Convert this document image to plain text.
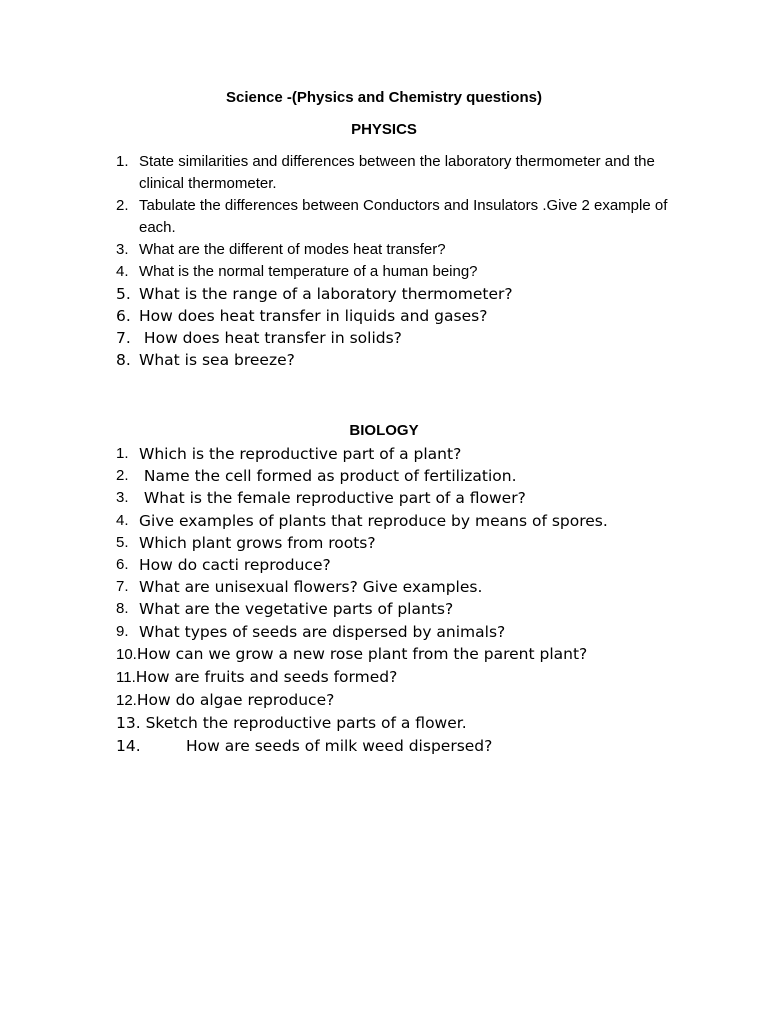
Science -(Physics and Chemistry questions)
PHYSICS
1. State similarities and differences between the laboratory thermometer and the clinical thermometer.
2. Tabulate the differences between Conductors and Insulators .Give 2 example of each.
3. What are the different of modes heat transfer?
4. What is the normal temperature of a human being?
5. What is the range of a laboratory thermometer?
6. How does heat transfer in liquids and gases?
7. How does heat transfer in solids?
8. What is sea breeze?
BIOLOGY
1. Which is the reproductive part of a plant?
2. Name the cell formed as product of fertilization.
3. What is the female reproductive part of a flower?
4. Give examples of plants that reproduce by means of spores.
5. Which plant grows from roots?
6. How do cacti reproduce?
7. What are unisexual flowers? Give examples.
8. What are the vegetative parts of plants?
9. What types of seeds are dispersed by animals?
10.How can we grow a new rose plant from the parent plant?
11.How are fruits and seeds formed?
12.How do algae reproduce?
13. Sketch the reproductive parts of a flower.
14.	How are seeds of milk weed dispersed?
